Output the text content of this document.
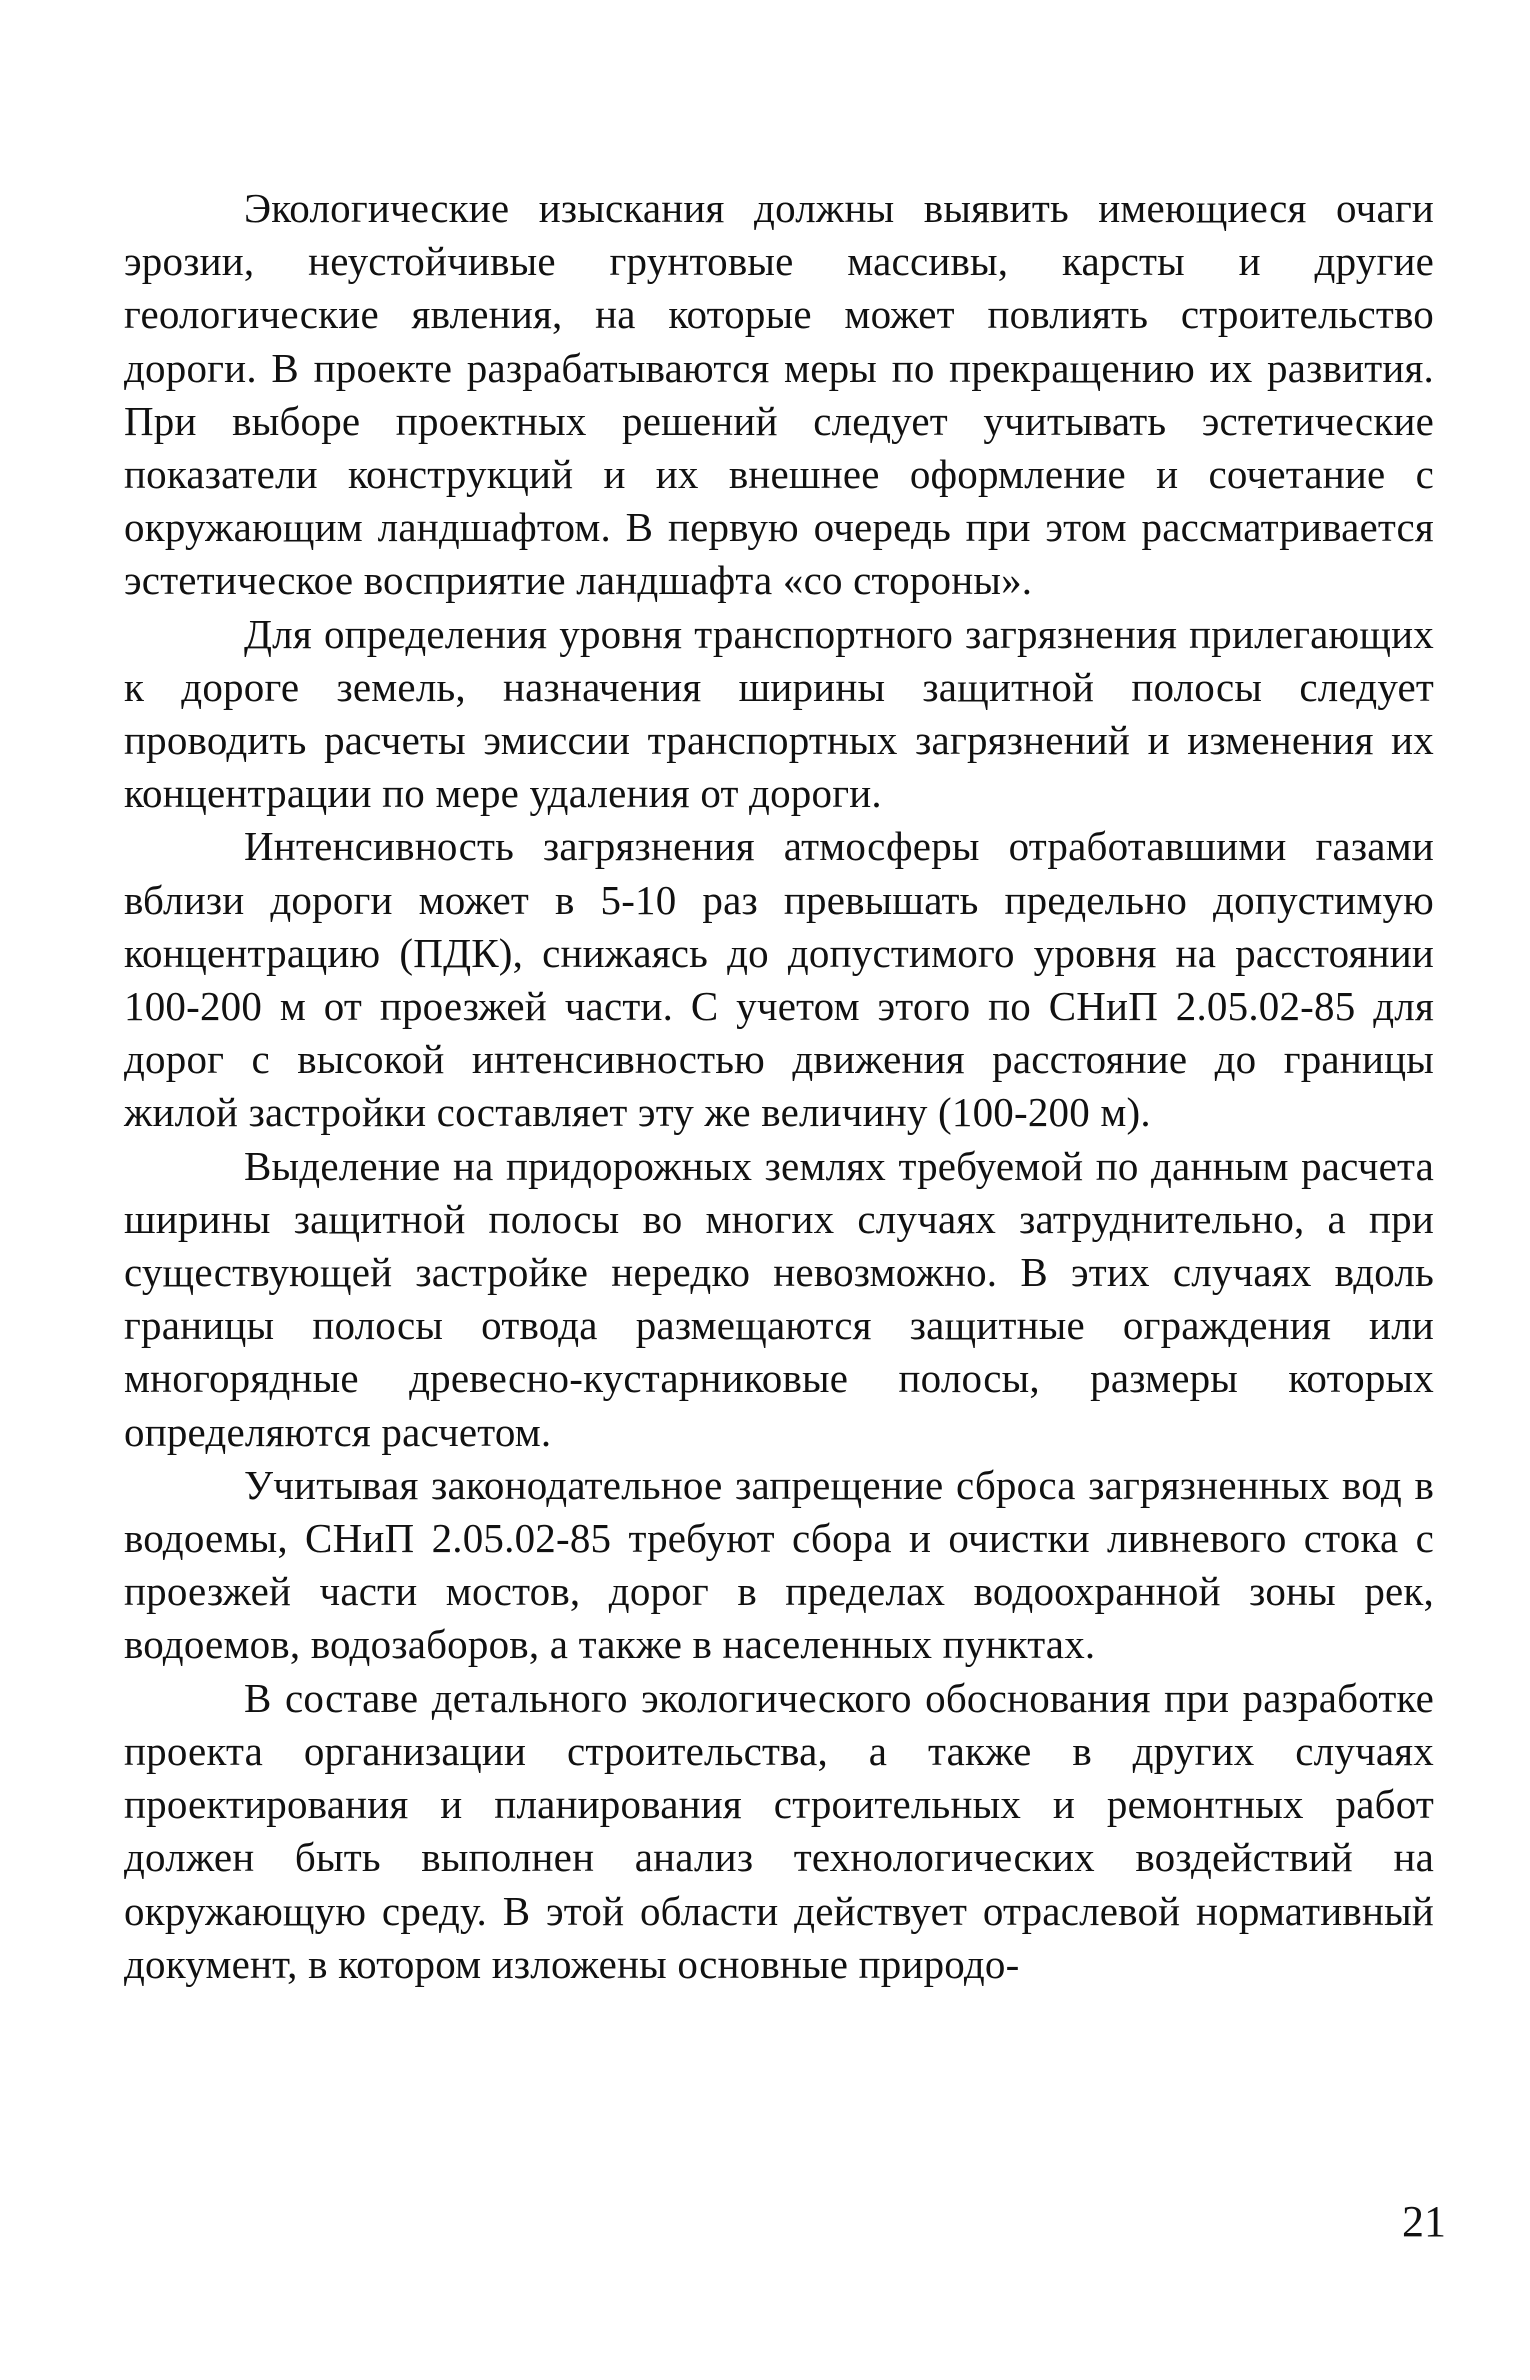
Экологические изыскания должны выявить имеющиеся очаги эрозии, неустойчивые грунтовые массивы, карсты и другие геологические явления, на которые может повлиять строительство дороги. В проекте разрабатываются меры по прекращению их развития. При выборе проектных решений следует учитывать эстетические показатели конструкций и их внешнее оформление и сочетание с окружающим ландшафтом. В первую очередь при этом рассматривается эстетическое восприятие ландшафта «со стороны».

Для определения уровня транспортного загрязнения прилегающих к дороге земель, назначения ширины защитной полосы следует проводить расчеты эмиссии транспортных загрязнений и изменения их концентрации по мере удаления от дороги.

Интенсивность загрязнения атмосферы отработавшими газами вблизи дороги может в 5-10 раз превышать предельно допустимую концентрацию (ПДК), снижаясь до допустимого уровня на расстоянии 100-200 м от проезжей части. С учетом этого по СНиП 2.05.02-85 для дорог с высокой интенсивностью движения расстояние до границы жилой застройки составляет эту же величину (100-200 м).

Выделение на придорожных землях требуемой по данным расчета ширины защитной полосы во многих случаях затруднительно, а при существующей застройке нередко невозможно. В этих случаях вдоль границы полосы отвода размещаются защитные ограждения или многорядные древесно-кустарниковые полосы, размеры которых определяются расчетом.

Учитывая законодательное запрещение сброса загрязненных вод в водоемы, СНиП 2.05.02-85 требуют сбора и очистки ливневого стока с проезжей части мостов, дорог в пределах водоохранной зоны рек, водоемов, водозаборов, а также в населенных пунктах.

В составе детального экологического обоснования при разработке проекта организации строительства, а также в других случаях проектирования и планирования строительных и ремонтных работ должен быть выполнен анализ технологических воздействий на окружающую среду. В этой области действует отраслевой нормативный документ, в котором изложены основные природо-

21
